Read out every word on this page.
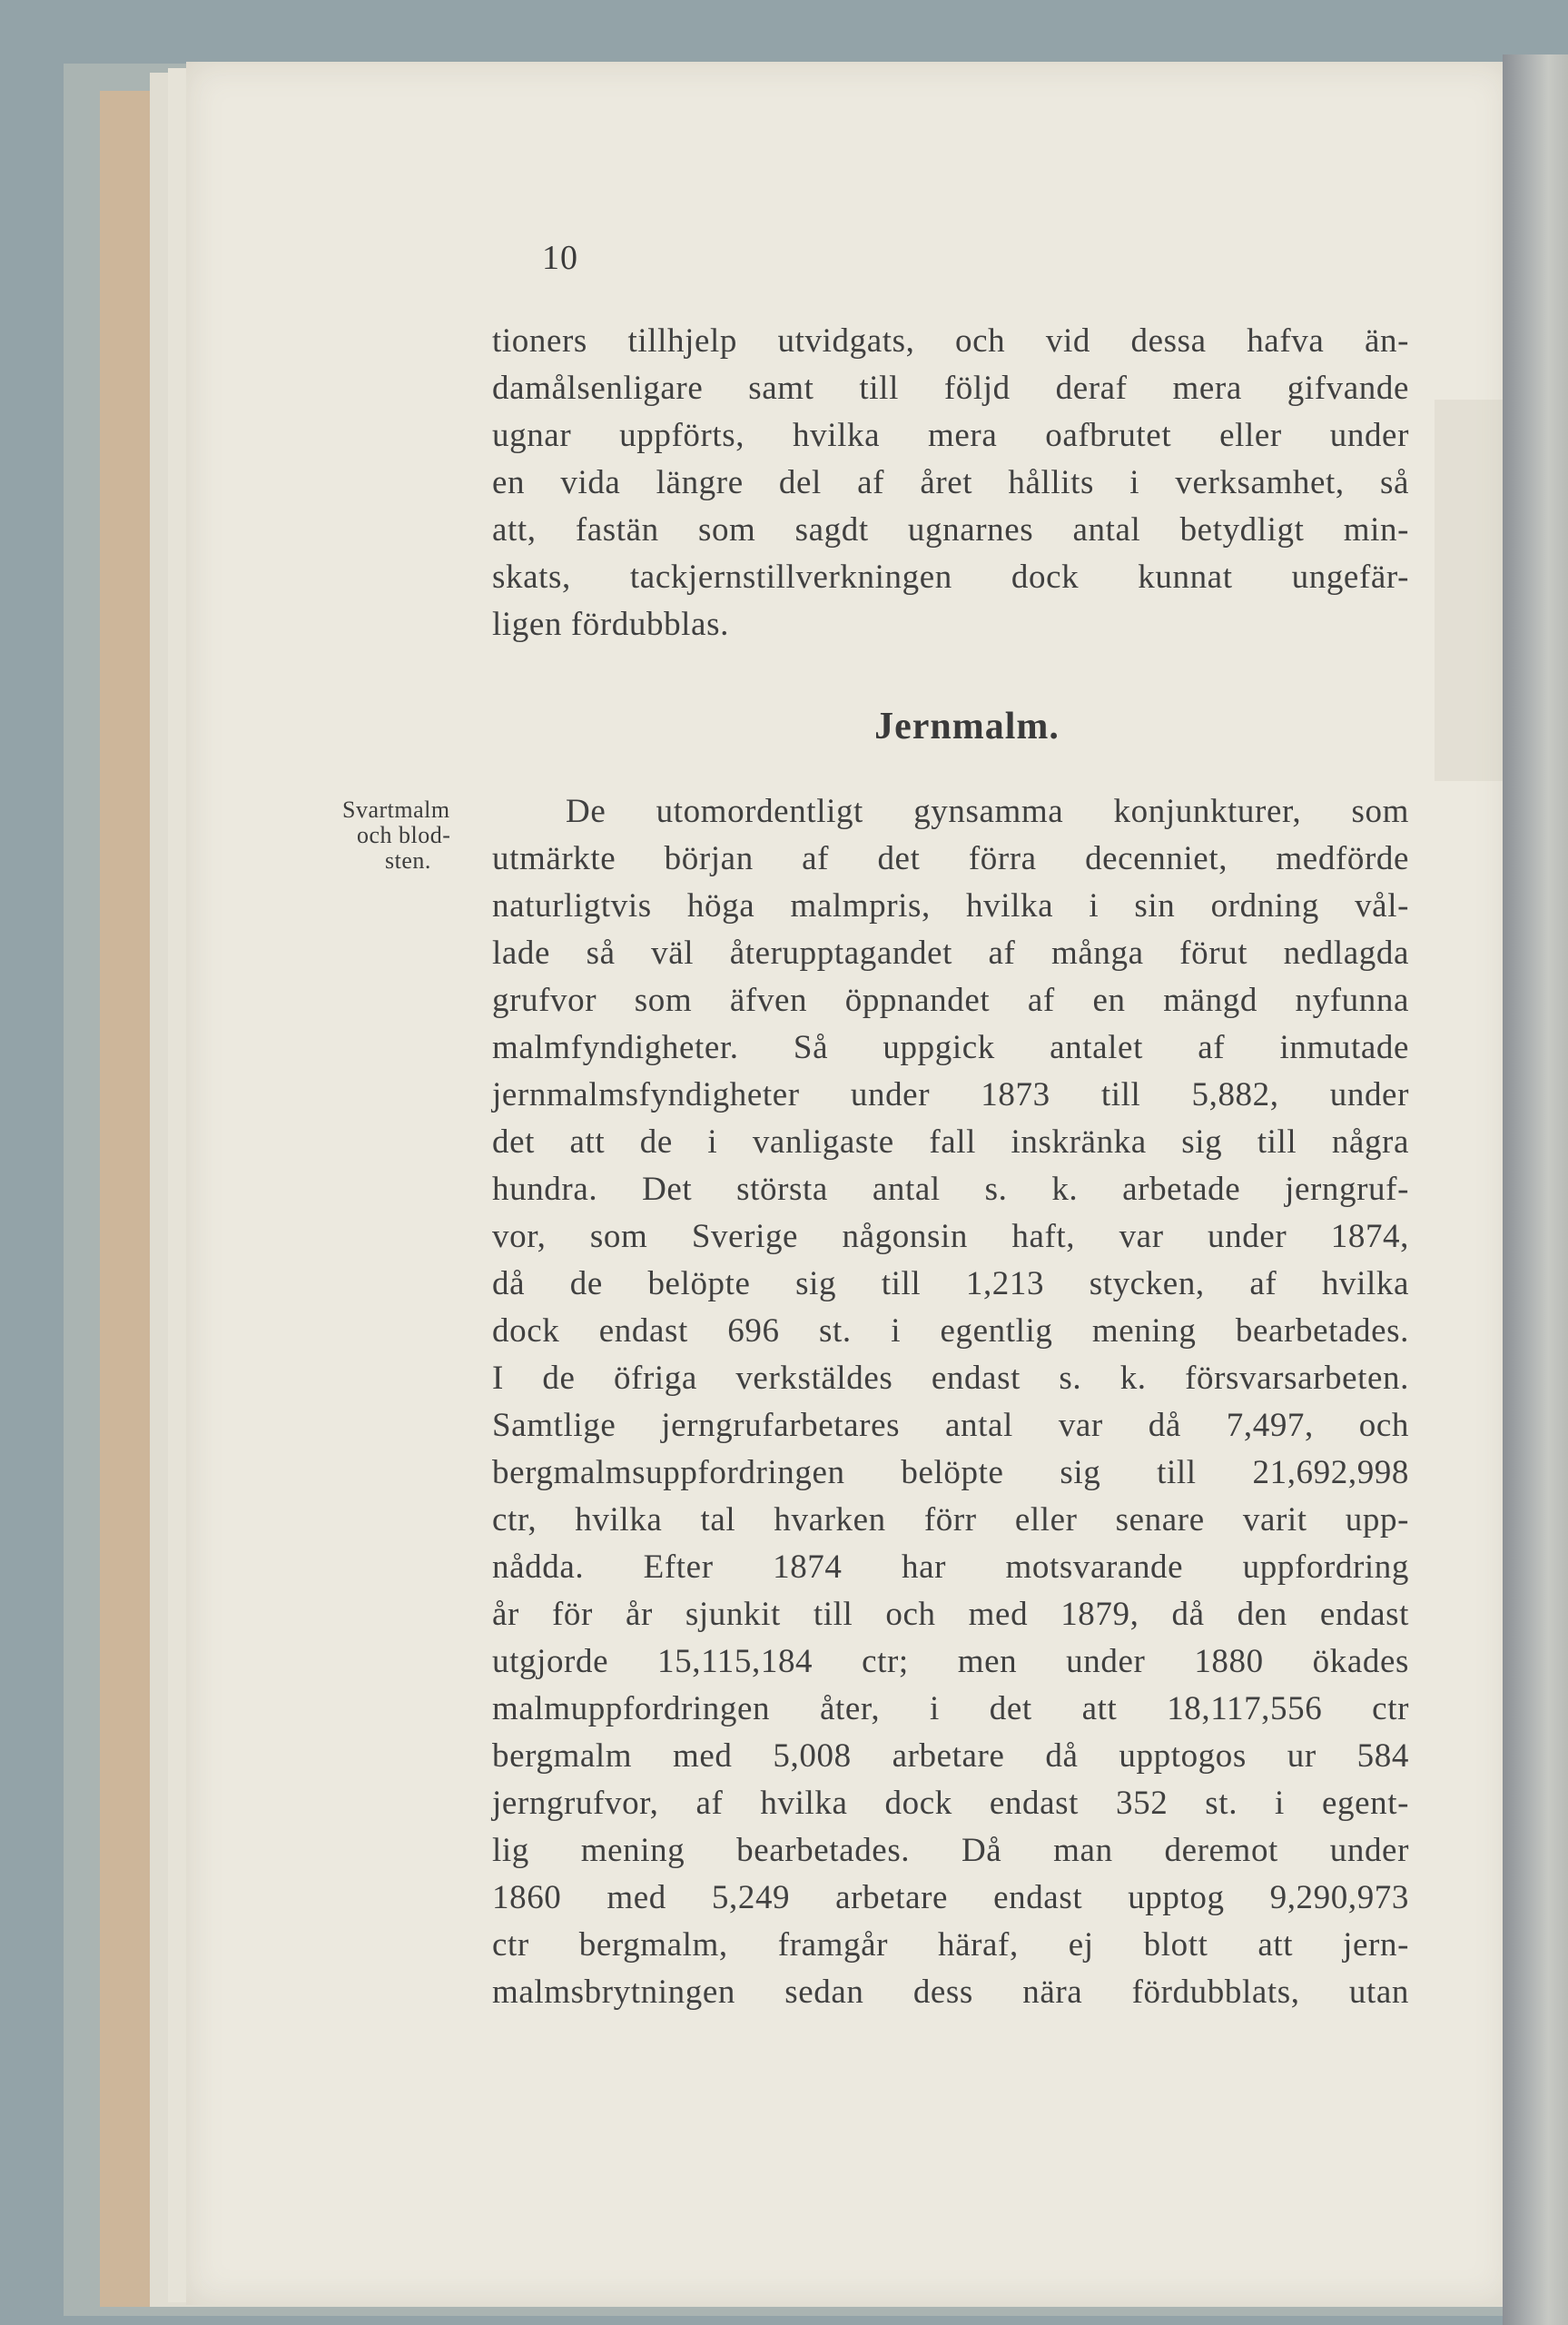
10

tioners tillhjelp utvidgats, och vid dessa hafva än-

damålsenligare samt till följd deraf mera gifvande

ugnar uppförts, hvilka mera oafbrutet eller under

en vida längre del af året hållits i verksamhet, så

att, fastän som sagdt ugnarnes antal betydligt min-

skats, tackjernstillverkningen dock kunnat ungefär-

ligen fördubblas.

Jernmalm.
Svartmalm
och blod-
sten.

De utomordentligt gynsamma konjunkturer, som

utmärkte början af det förra decenniet, medförde

naturligtvis höga malmpris, hvilka i sin ordning vål-

lade så väl återupptagandet af många förut nedlagda

grufvor som äfven öppnandet af en mängd nyfunna

malmfyndigheter. Så uppgick antalet af inmutade

jernmalmsfyndigheter under 1873 till 5,882, under

det att de i vanligaste fall inskränka sig till några

hundra. Det största antal s. k. arbetade jerngruf-

vor, som Sverige någonsin haft, var under 1874,

då de belöpte sig till 1,213 stycken, af hvilka

dock endast 696 st. i egentlig mening bearbetades.

I de öfriga verkstäldes endast s. k. försvarsarbeten.

Samtlige jerngrufarbetares antal var då 7,497, och

bergmalmsuppfordringen belöpte sig till 21,692,998

ctr, hvilka tal hvarken förr eller senare varit upp-

nådda. Efter 1874 har motsvarande uppfordring

år för år sjunkit till och med 1879, då den endast

utgjorde 15,115,184 ctr; men under 1880 ökades

malmuppfordringen åter, i det att 18,117,556 ctr

bergmalm med 5,008 arbetare då upptogos ur 584

jerngrufvor, af hvilka dock endast 352 st. i egent-

lig mening bearbetades. Då man deremot under

1860 med 5,249 arbetare endast upptog 9,290,973

ctr bergmalm, framgår häraf, ej blott att jern-

malmsbrytningen sedan dess nära fördubblats, utan
